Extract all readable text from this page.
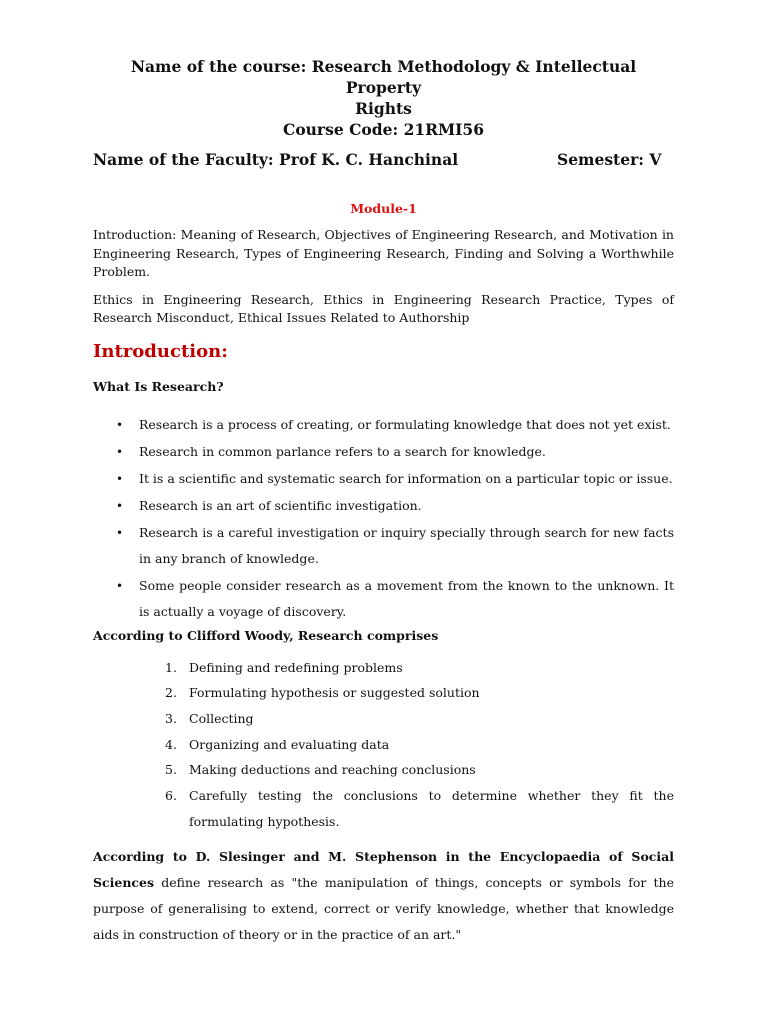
Name of the course: Research Methodology & Intellectual Property
Rights
Course Code: 21RMI56
Name of the Faculty: Prof K. C. Hanchinal	Semester: V
Module-1

Introduction: Meaning of Research, Objectives of Engineering Research, and Motivation in Engineering Research, Types of Engineering Research, Finding and Solving a Worthwhile Problem.

Ethics in Engineering Research, Ethics in Engineering Research Practice, Types of Research Misconduct, Ethical Issues Related to Authorship

Introduction:
What Is Research?
• Research is a process of creating, or formulating knowledge that does not yet exist.
• Research in common parlance refers to a search for knowledge.
• It is a scientific and systematic search for information on a particular topic or issue.
• Research is an art of scientific investigation.
• Research is a careful investigation or inquiry specially through search for new facts in any branch of knowledge.
• Some people consider research as a movement from the known to the unknown. It is actually a voyage of discovery.
According to Clifford Woody, Research comprises
1. Defining and redefining problems
2. Formulating hypothesis or suggested solution
3. Collecting
4. Organizing and evaluating data
5. Making deductions and reaching conclusions
6. Carefully testing the conclusions to determine whether they fit the formulating hypothesis.

According to D. Slesinger and M. Stephenson in the Encyclopaedia of Social Sciences define research as "the manipulation of things, concepts or symbols for the purpose of generalising to extend, correct or verify knowledge, whether that knowledge aids in construction of theory or in the practice of an art."
